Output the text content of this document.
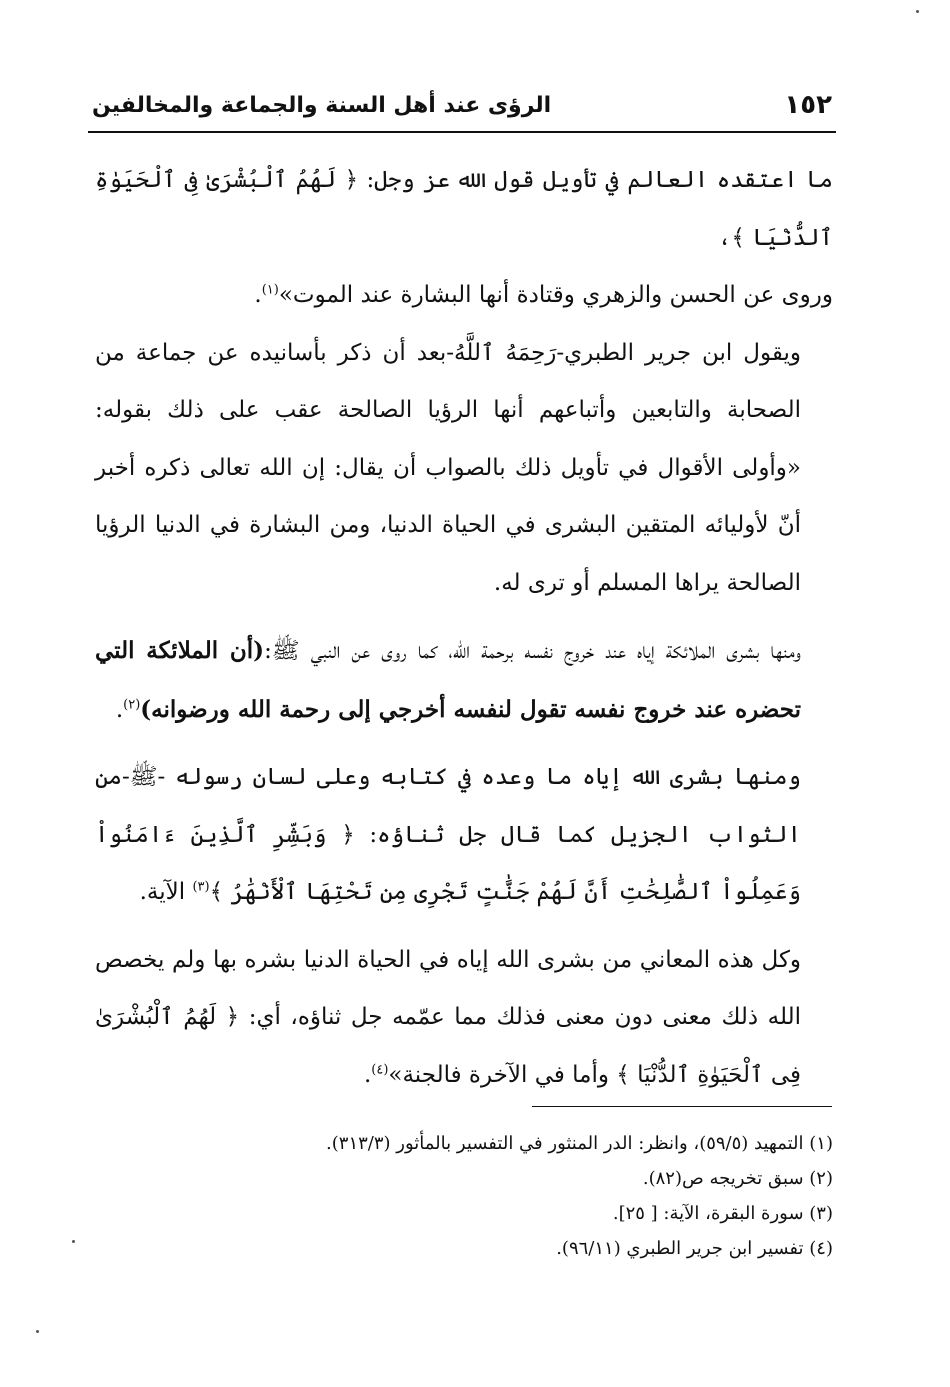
الرؤى عند أهل السنة والجماعة والمخالفين	١٥٢

ما اعتقده العالم في تأويل قول الله عز وجل: ﴿ لَهُمُ ٱلْبُشْرَىٰ فِى ٱلْحَيَوٰةِ ٱلدُّنْيَا ﴾،
وروى عن الحسن والزهري وقتادة أنها البشارة عند الموت»$^{(١)}$.

ويقول ابن جرير الطبري-رَحِمَهُ ٱللَّهُ-بعد أن ذكر بأسانيده عن جماعة من الصحابة والتابعين وأتباعهم أنها الرؤيا الصالحة عقب على ذلك بقوله: «وأولى الأقوال في تأويل ذلك بالصواب أن يقال: إن الله تعالى ذكره أخبر أنّ لأوليائه المتقين البشرى في الحياة الدنيا، ومن البشارة في الدنيا الرؤيا الصالحة يراها المسلم أو ترى له.

ومنها بشرى الملائكة إياه عند خروج نفسه برحمة الله، كما روى عن النبي ﷺ:(أن الملائكة التي تحضره عند خروج نفسه تقول لنفسه أخرجي إلى رحمة الله ورضوانه)$^{(٢)}$.

ومنها بشرى الله إياه ما وعده في كتابه وعلى لسان رسوله -ﷺ-من الثواب الجزيل كما قال جل ثناؤه: ﴿ وَبَشِّرِ ٱلَّذِينَ ءَامَنُواْ وَعَمِلُواْ ٱلصَّٰلِحَٰتِ أَنَّ لَهُمْ جَنَّٰتٍ تَجْرِى مِن تَحْتِهَا ٱلْأَنْهَٰرُ ﴾$^{(٣)}$ الآية.

وكل هذه المعاني من بشرى الله إياه في الحياة الدنيا بشره بها ولم يخصص الله ذلك معنى دون معنى فذلك مما عمّمه جل ثناؤه، أي: ﴿ لَهُمُ ٱلْبُشْرَىٰ فِى ٱلْحَيَوٰةِ ٱلدُّنْيَا ﴾ وأما في الآخرة فالجنة»$^{(٤)}$.

(١) التمهيد (٥٩/٥)، وانظر: الدر المنثور في التفسير بالمأثور (٣١٣/٣).
(٢) سبق تخريجه ص(٨٢).
(٣) سورة البقرة، الآية: [ ٢٥].
(٤) تفسير ابن جرير الطبري (٩٦/١١).
